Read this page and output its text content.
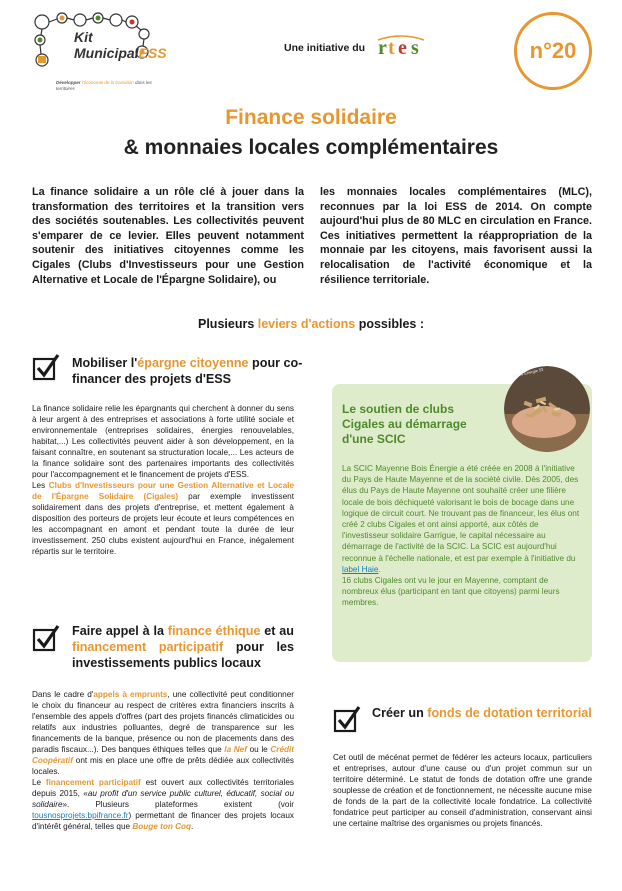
Kit
MunicipalESS
Développer l'économie de la transition dans les territoires
Une initiative du r t e s	n°20
Finance solidaire
& monnaies locales complémentaires
La finance solidaire a un rôle clé à jouer dans la transformation des territoires et la transition vers des sociétés soutenables. Les collectivités peuvent s'emparer de ce levier. Elles peuvent notamment soutenir des initiatives citoyennes comme les Cigales (Clubs d'Investisseurs pour une Gestion Alternative et Locale de l'Épargne Solidaire), ou
les monnaies locales complémentaires (MLC), reconnues par la loi ESS de 2014. On compte aujourd'hui plus de 80 MLC en circulation en France. Ces initiatives permettent la réappropriation de la monnaie par les citoyens, mais favorisent aussi la relocalisation de l'activité économique et la résilience territoriale.
Plusieurs leviers d'actions possibles :
Mobiliser l'épargne citoyenne pour co-financer des projets d'ESS
La finance solidaire relie les épargnants qui cherchent à donner du sens à leur argent à des entreprises et associations à forte utilité sociale et environnementale (entreprises solidaires, énergies renouvelables, habitat,...) Les collectivités peuvent aider à son développement, en la faisant connaître, en soutenant sa structuration locale,... Les acteurs de la finance solidaire sont des partenaires importants des collectivités pour l'accompagnement et le financement de projets d'ESS.
Les Clubs d'Investisseurs pour une Gestion Alternative et Locale de l'Épargne Solidaire (Cigales) par exemple investissent solidairement dans des projets d'entreprise, et mettent également à disposition des porteurs de projets leur écoute et leurs compétences en les accompagnant en amont et pendant toute la durée de leur investissement. 250 clubs existent aujourd'hui en France, inégalement répartis sur le territoire.
Faire appel à la finance éthique et au financement participatif pour les investissements publics locaux
Dans le cadre d'appels à emprunts, une collectivité peut conditionner le choix du financeur au respect de critères extra financiers inscrits à l'ensemble des appels d'offres (part des projets financés climaticides ou relatifs aux industries polluantes, degré de transparence sur les financements de la banque, présence ou non de placements dans des paradis fiscaux...). Des banques éthiques telles que la Nef ou le Crédit Coopératif ont mis en place une offre de prêts dédiée aux collectivités locales.
Le financement participatif est ouvert aux collectivités territoriales depuis 2015, «au profit d'un service public culturel, éducatif, social ou solidaire». Plusieurs plateformes existent (voir tousnosprojets.bpifrance.fr) permettant de financer des projets locaux d'intérêt général, telles que Bouge ton Coq.
©Bois Énergie 53
Le soutien de clubs Cigales au démarrage d'une SCIC
La SCIC Mayenne Bois Énergie a été créée en 2008 à l'initiative du Pays de Haute Mayenne et de la société civile. Dès 2005, des élus du Pays de Haute Mayenne ont souhaité créer une filière locale de bois déchiqueté valorisant le bois de bocage dans une logique de circuit court. Ne trouvant pas de financeur, les élus ont créé 2 clubs Cigales et ont ainsi apporté, aux côtés de l'investisseur solidaire Garrigue, le capital nécessaire au démarrage de l'activité de la SCIC. La SCIC est aujourd'hui reconnue à l'échelle nationale, et est par exemple à l'initiative du label Haie.
16 clubs Cigales ont vu le jour en Mayenne, comptant de nombreux élus (participant en tant que citoyens) parmi leurs membres.
Créer un fonds de dotation territorial
Cet outil de mécénat permet de fédérer les acteurs locaux, particuliers et entreprises, autour d'une cause ou d'un projet commun sur un territoire déterminé. Le statut de fonds de dotation offre une grande souplesse de création et de fonctionnement, ne nécessite aucune mise de fonds de la part de la collectivité locale fondatrice. La collectivité fondatrice peut participer au conseil d'administration, conservant ainsi une certaine maîtrise des organismes ou projets financés.
